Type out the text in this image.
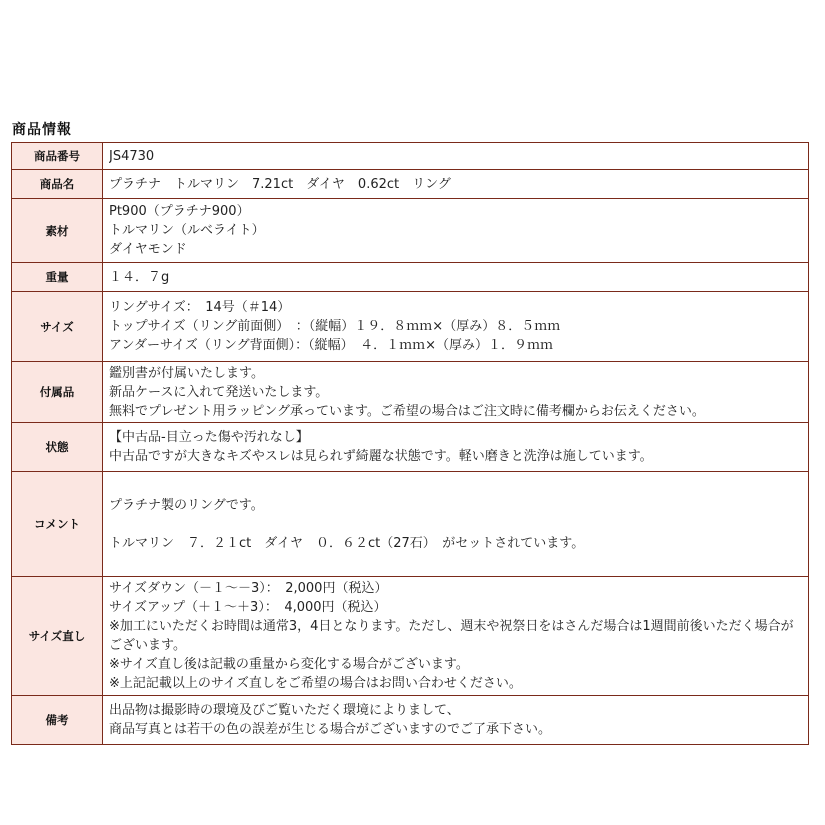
商品情報
商品番号	JS4730

商品名	プラチナ　トルマリン　7.21ct　ダイヤ　0.62ct　リング

素材	Pt900（プラチナ900）
トルマリン（ルベライト）
ダイヤモンド

重量	１４．７g

サイズ	リングサイズ：　14号（＃14）
トップサイズ（リング前面側）　：（縦幅）１９．８ｍｍ×（厚み）８．５ｍｍ
アンダーサイズ（リング背面側）：（縦幅）　４．１ｍｍ×（厚み）１．９ｍｍ

付属品	鑑別書が付属いたします。
新品ケースに入れて発送いたします。
無料でプレゼント用ラッピング承っています。ご希望の場合はご注文時に備考欄からお伝えください。

状態	【中古品-目立った傷や汚れなし】
中古品ですが大きなキズやスレは見られず綺麗な状態です。軽い磨きと洗浄は施しています。

コメント	プラチナ製のリングです。
トルマリン　７．２１ct　ダイヤ　０．６２ct（27石）　がセットされています。

サイズ直し	サイズダウン（－１～－3）：　2,000円（税込）
サイズアップ（＋１～＋3）：　4,000円（税込）
※加工にいただくお時間は通常3，4日となります。ただし、週末や祝祭日をはさんだ場合は1週間前後いただく場合がございます。
※サイズ直し後は記載の重量から変化する場合がございます。
※上記記載以上のサイズ直しをご希望の場合はお問い合わせください。

備考	出品物は撮影時の環境及びご覧いただく環境によりまして、
商品写真とは若干の色の誤差が生じる場合がございますのでご了承下さい。
